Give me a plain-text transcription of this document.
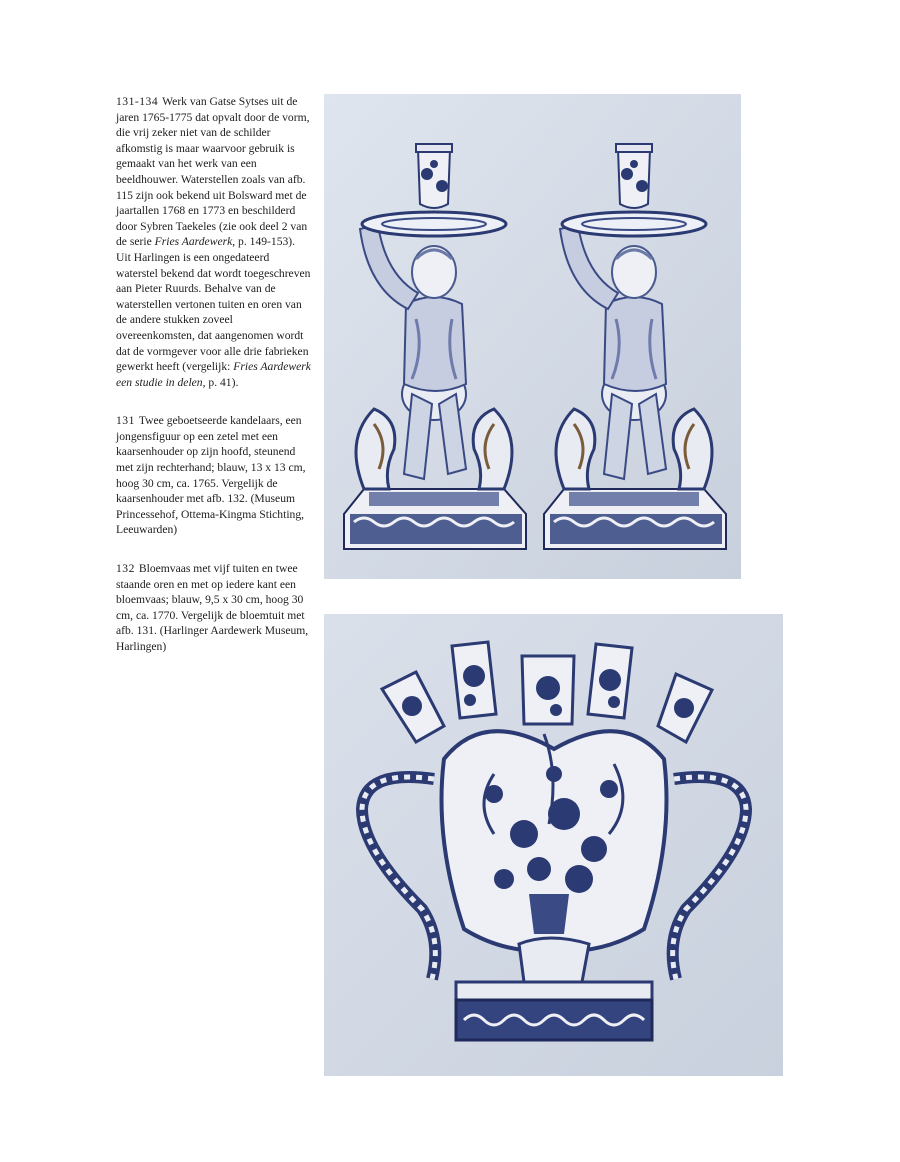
131-134 Werk van Gatse Sytses uit de jaren 1765-1775 dat opvalt door de vorm, die vrij zeker niet van de schilder afkomstig is maar waarvoor gebruik is gemaakt van het werk van een beeldhouwer. Waterstellen zoals van afb. 115 zijn ook bekend uit Bolsward met de jaartallen 1768 en 1773 en beschilderd door Sybren Taekeles (zie ook deel 2 van de serie Fries Aardewerk, p. 149-153). Uit Harlingen is een ongedateerd waterstel bekend dat wordt toegeschreven aan Pieter Ruurds. Behalve van de waterstellen vertonen tuiten en oren van de andere stukken zoveel overeenkomsten, dat aangenomen wordt dat de vormgever voor alle drie fabrieken gewerkt heeft (vergelijk: Fries Aardewerk een studie in delen, p. 41).

131 Twee geboetseerde kandelaars, een jongensfiguur op een zetel met een kaarsenhouder op zijn hoofd, steunend met zijn rechterhand; blauw, 13 x 13 cm, hoog 30 cm, ca. 1765. Vergelijk de kaarsenhouder met afb. 132. (Museum Princessehof, Ottema-Kingma Stichting, Leeuwarden)

132 Bloemvaas met vijf tuiten en twee staande oren en met op iedere kant een bloemvaas; blauw, 9,5 x 30 cm, hoog 30 cm, ca. 1770. Vergelijk de bloemtuit met afb. 131. (Harlinger Aardewerk Museum, Harlingen)
